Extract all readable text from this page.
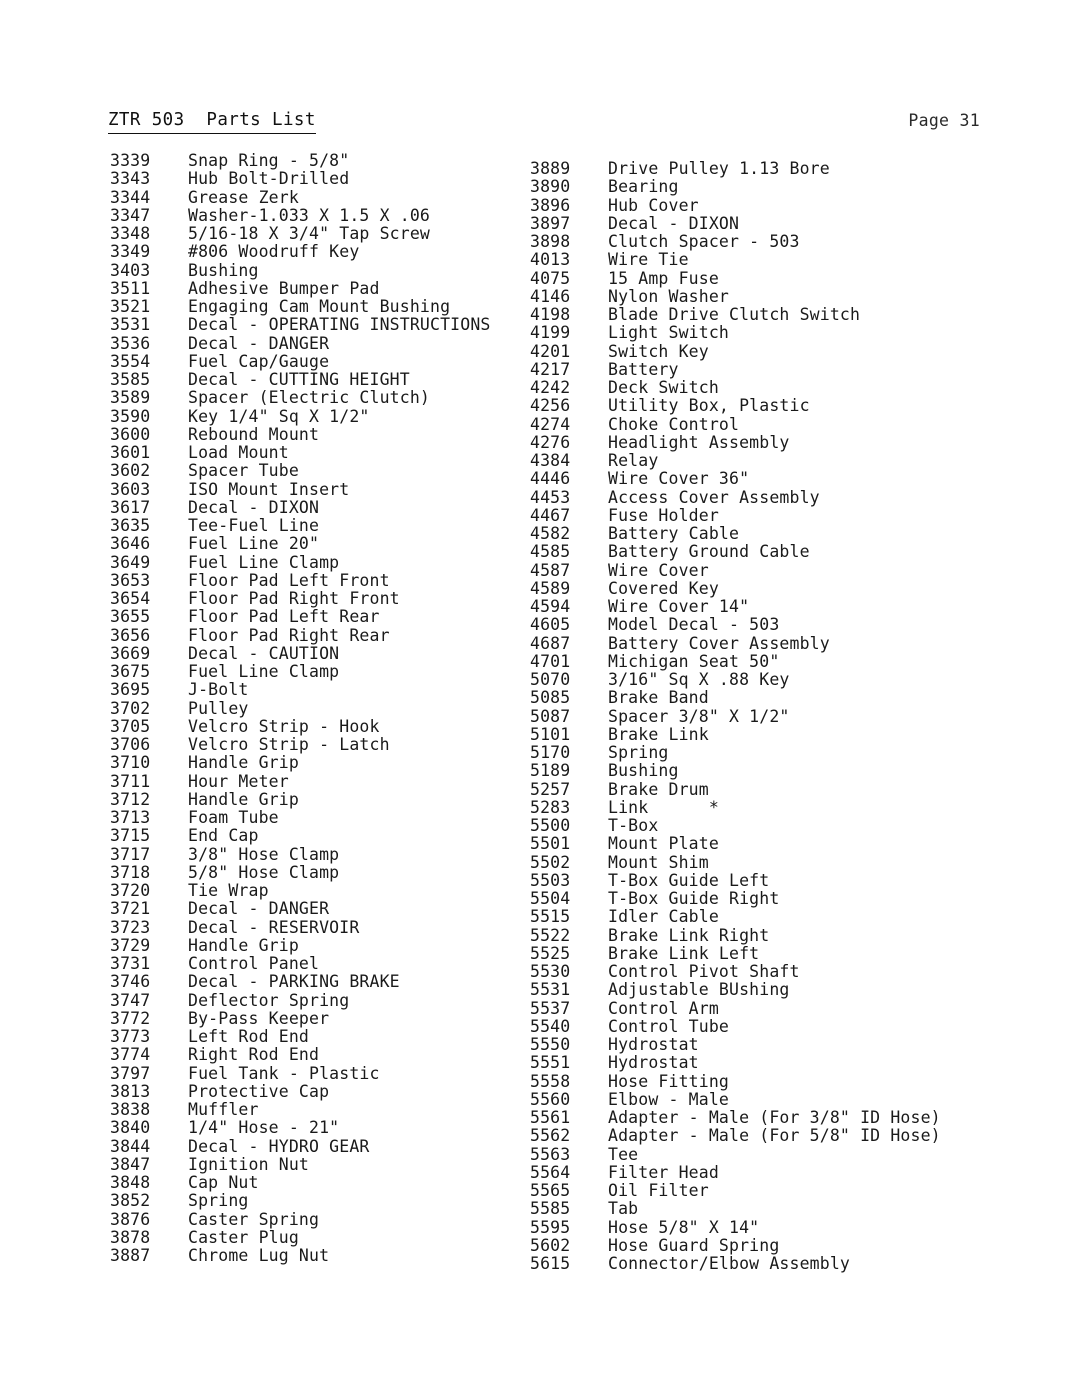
ZTR 503  Parts List	Page 31
3339 Snap Ring - 5/8"
3343 Hub Bolt-Drilled
3344 Grease Zerk
3347 Washer-1.033 X 1.5 X .06
3348 5/16-18 X 3/4" Tap Screw
3349 #806 Woodruff Key
3403 Bushing
3511 Adhesive Bumper Pad
3521 Engaging Cam Mount Bushing
3531 Decal - OPERATING INSTRUCTIONS
3536 Decal - DANGER
3554 Fuel Cap/Gauge
3585 Decal - CUTTING HEIGHT
3589 Spacer (Electric Clutch)
3590 Key 1/4" Sq X 1/2"
3600 Rebound Mount
3601 Load Mount
3602 Spacer Tube
3603 ISO Mount Insert
3617 Decal - DIXON
3635 Tee-Fuel Line
3646 Fuel Line 20"
3649 Fuel Line Clamp
3653 Floor Pad Left Front
3654 Floor Pad Right Front
3655 Floor Pad Left Rear
3656 Floor Pad Right Rear
3669 Decal - CAUTION
3675 Fuel Line Clamp
3695 J-Bolt
3702 Pulley
3705 Velcro Strip - Hook
3706 Velcro Strip - Latch
3710 Handle Grip
3711 Hour Meter
3712 Handle Grip
3713 Foam Tube
3715 End Cap
3717 3/8" Hose Clamp
3718 5/8" Hose Clamp
3720 Tie Wrap
3721 Decal - DANGER
3723 Decal - RESERVOIR
3729 Handle Grip
3731 Control Panel
3746 Decal - PARKING BRAKE
3747 Deflector Spring
3772 By-Pass Keeper
3773 Left Rod End
3774 Right Rod End
3797 Fuel Tank - Plastic
3813 Protective Cap
3838 Muffler
3840 1/4" Hose - 21"
3844 Decal - HYDRO GEAR
3847 Ignition Nut
3848 Cap Nut
3852 Spring
3876 Caster Spring
3878 Caster Plug
3887 Chrome Lug Nut
3889 Drive Pulley 1.13 Bore
3890 Bearing
3896 Hub Cover
3897 Decal - DIXON
3898 Clutch Spacer - 503
4013 Wire Tie
4075 15 Amp Fuse
4146 Nylon Washer
4198 Blade Drive Clutch Switch
4199 Light Switch
4201 Switch Key
4217 Battery
4242 Deck Switch
4256 Utility Box, Plastic
4274 Choke Control
4276 Headlight Assembly
4384 Relay
4446 Wire Cover 36"
4453 Access Cover Assembly
4467 Fuse Holder
4582 Battery Cable
4585 Battery Ground Cable
4587 Wire Cover
4589 Covered Key
4594 Wire Cover 14"
4605 Model Decal - 503
4687 Battery Cover Assembly
4701 Michigan Seat 50"
5070 3/16" Sq X .88 Key
5085 Brake Band
5087 Spacer 3/8" X 1/2"
5101 Brake Link
5170 Spring
5189 Bushing
5257 Brake Drum
5283 Link      *
5500 T-Box
5501 Mount Plate
5502 Mount Shim
5503 T-Box Guide Left
5504 T-Box Guide Right
5515 Idler Cable
5522 Brake Link Right
5525 Brake Link Left
5530 Control Pivot Shaft
5531 Adjustable BUshing
5537 Control Arm
5540 Control Tube
5550 Hydrostat
5551 Hydrostat
5558 Hose Fitting
5560 Elbow - Male
5561 Adapter - Male (For 3/8" ID Hose)
5562 Adapter - Male (For 5/8" ID Hose)
5563 Tee
5564 Filter Head
5565 Oil Filter
5585 Tab
5595 Hose 5/8" X 14"
5602 Hose Guard Spring
5615 Connector/Elbow Assembly
